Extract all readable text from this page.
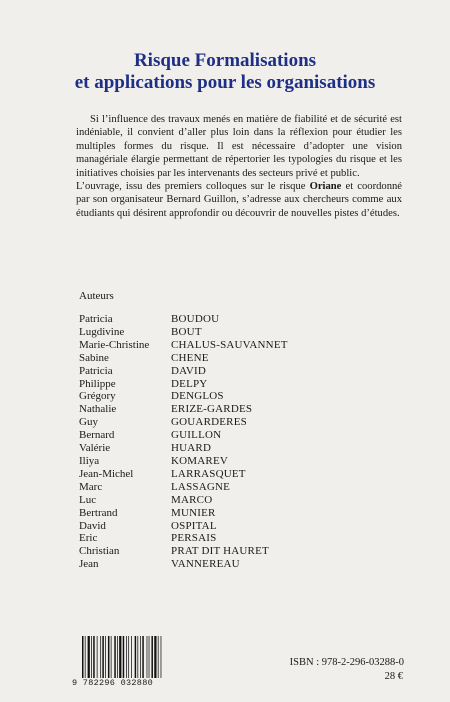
Risque Formalisations
et applications pour les organisations

Si l’influence des travaux menés en matière de fiabilité et de sécurité est indéniable, il convient d’aller plus loin dans la réflexion pour étudier les multiples formes du risque. Il est nécessaire d’adopter une vision managériale élargie permettant de répertorier les typologies du risque et les initiatives choisies par les intervenants des secteurs privé et public.

L’ouvrage, issu des premiers colloques sur le risque Oriane et coordonné par son organisateur Bernard Guillon, s’adresse aux chercheurs comme aux étudiants qui désirent approfondir ou découvrir de nouvelles pistes d’études.

Auteurs
Patricia	BOUDOU
Lugdivine	BOUT
Marie-Christine	CHALUS-SAUVANNET
Sabine	CHENE
Patricia	DAVID
Philippe	DELPY
Grégory	DENGLOS
Nathalie	ERIZE-GARDES
Guy	GOUARDERES
Bernard	GUILLON
Valérie	HUARD
Iliya	KOMAREV
Jean-Michel	LARRASQUET
Marc	LASSAGNE
Luc	MARCO
Bertrand	MUNIER
David	OSPITAL
Eric	PERSAIS
Christian	PRAT DIT HAURET
Jean	VANNEREAU
9 782296 032880
ISBN : 978-2-296-03288-0
28 €
